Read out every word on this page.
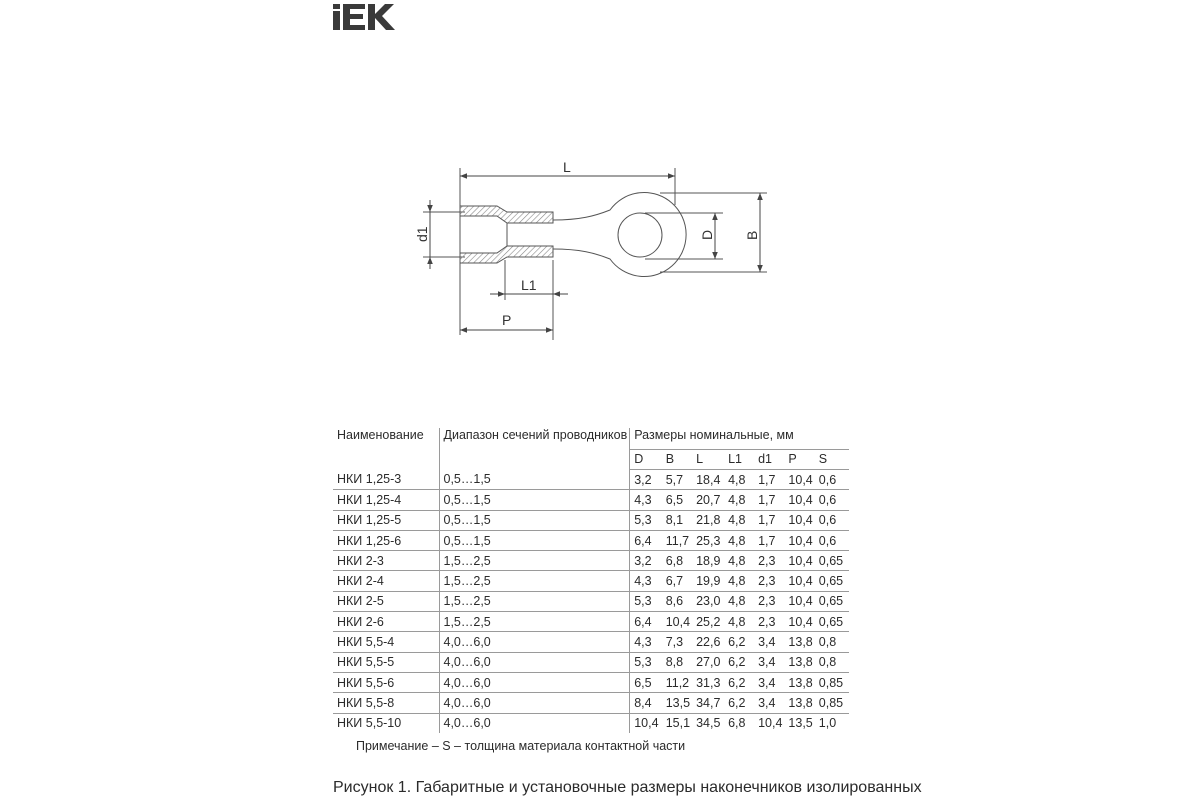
L
d1
L1
P
D B
Наименование	Диапазон сечений проводников	Размеры номинальные, мм						
		D	B	L	L1	d1	P	S
НКИ 1,25-3	0,5…1,5	3,2	5,7	18,4	4,8	1,7	10,4	0,6
НКИ 1,25-4	0,5…1,5	4,3	6,5	20,7	4,8	1,7	10,4	0,6
НКИ 1,25-5	0,5…1,5	5,3	8,1	21,8	4,8	1,7	10,4	0,6
НКИ 1,25-6	0,5…1,5	6,4	11,7	25,3	4,8	1,7	10,4	0,6
НКИ 2-3	1,5…2,5	3,2	6,8	18,9	4,8	2,3	10,4	0,65
НКИ 2-4	1,5…2,5	4,3	6,7	19,9	4,8	2,3	10,4	0,65
НКИ 2-5	1,5…2,5	5,3	8,6	23,0	4,8	2,3	10,4	0,65
НКИ 2-6	1,5…2,5	6,4	10,4	25,2	4,8	2,3	10,4	0,65
НКИ 5,5-4	4,0…6,0	4,3	7,3	22,6	6,2	3,4	13,8	0,8
НКИ 5,5-5	4,0…6,0	5,3	8,8	27,0	6,2	3,4	13,8	0,8
НКИ 5,5-6	4,0…6,0	6,5	11,2	31,3	6,2	3,4	13,8	0,85
НКИ 5,5-8	4,0…6,0	8,4	13,5	34,7	6,2	3,4	13,8	0,85
НКИ 5,5-10	4,0…6,0	10,4	15,1	34,5	6,8	10,4	13,5	1,0
Примечание – S – толщина материала контактной части
Рисунок 1. Габаритные и установочные размеры наконечников изолированных
